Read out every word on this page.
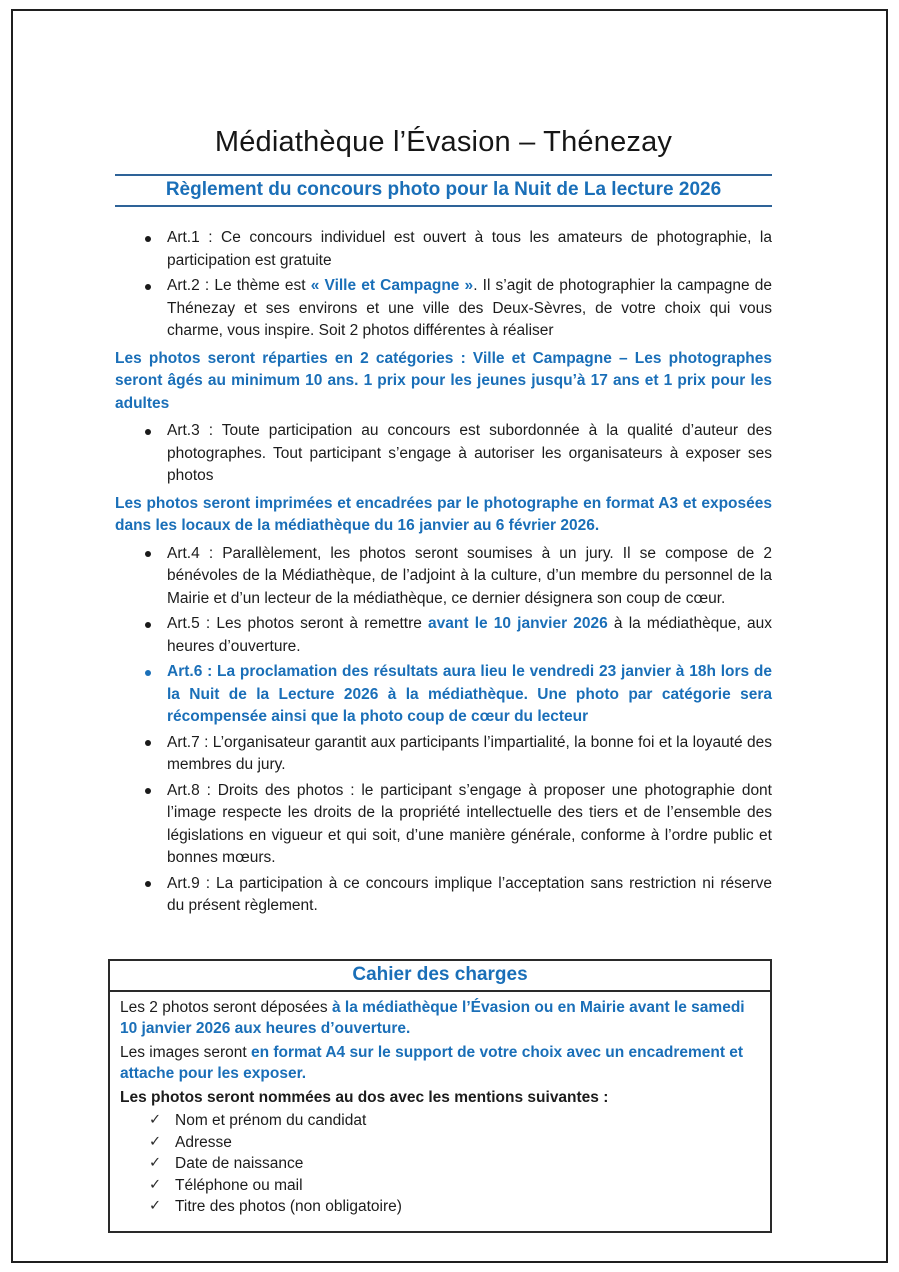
Médiathèque l’Évasion – Thénezay
Règlement du concours photo pour la Nuit de La lecture 2026

Art.1 : Ce concours individuel est ouvert à tous les amateurs de photographie, la participation est gratuite

Art.2 : Le thème est « Ville et Campagne ». Il s’agit de photographier la campagne de Thénezay et ses environs et une ville des Deux-Sèvres, de votre choix qui vous charme, vous inspire. Soit 2 photos différentes à réaliser

Les photos seront réparties en 2 catégories : Ville et Campagne – Les photographes seront âgés au minimum 10 ans. 1 prix pour les jeunes jusqu’à 17 ans et 1 prix pour les adultes

Art.3 : Toute participation au concours est subordonnée à la qualité d’auteur des photographes. Tout participant s’engage à autoriser les organisateurs à exposer ses photos

Les photos seront imprimées et encadrées par le photographe en format A3 et exposées dans les locaux de la médiathèque du 16 janvier au 6 février 2026.

Art.4 : Parallèlement, les photos seront soumises à un jury. Il se compose de 2 bénévoles de la Médiathèque, de l’adjoint à la culture, d’un membre du personnel de la Mairie et d’un lecteur de la médiathèque, ce dernier désignera son coup de cœur.

Art.5 : Les photos seront à remettre avant le 10 janvier 2026 à la médiathèque, aux heures d’ouverture.

Art.6 : La proclamation des résultats aura lieu le vendredi 23 janvier à 18h lors de la Nuit de la Lecture 2026 à la médiathèque. Une photo par catégorie sera récompensée ainsi que la photo coup de cœur du lecteur

Art.7 : L’organisateur garantit aux participants l’impartialité, la bonne foi et la loyauté des membres du jury.

Art.8 : Droits des photos : le participant s’engage à proposer une photographie dont l’image respecte les droits de la propriété intellectuelle des tiers et de l’ensemble des législations en vigueur et qui soit, d’une manière générale, conforme à l’ordre public et bonnes mœurs.

Art.9 : La participation à ce concours implique l’acceptation sans restriction ni réserve du présent règlement.

Cahier des charges

Les 2 photos seront déposées à la médiathèque l’Évasion ou en Mairie avant le samedi 10 janvier 2026 aux heures d’ouverture.

Les images seront en format A4 sur le support de votre choix avec un encadrement et attache pour les exposer.

Les photos seront nommées au dos avec les mentions suivantes :

✓ Nom et prénom du candidat
✓ Adresse
✓ Date de naissance
✓ Téléphone ou mail
✓ Titre des photos (non obligatoire)
